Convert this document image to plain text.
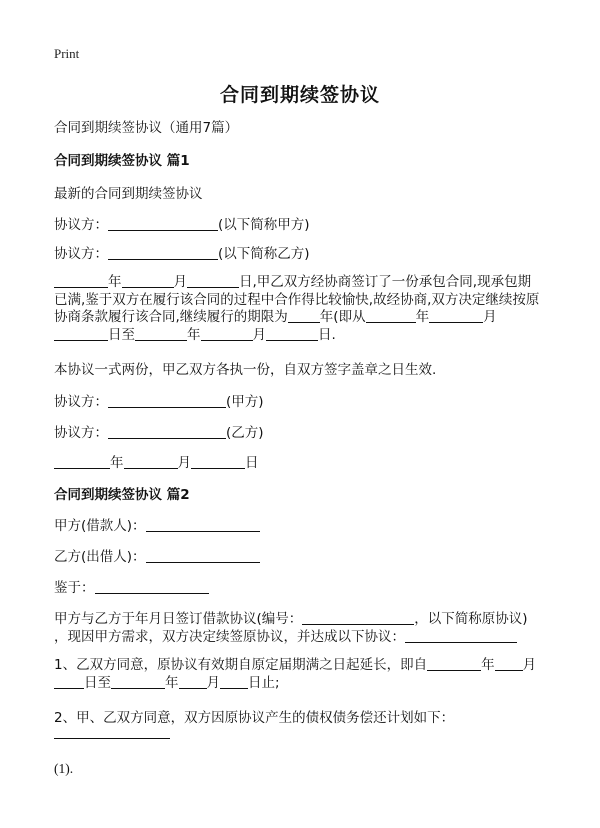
Print
合同到期续签协议
合同到期续签协议（通用7篇）
合同到期续签协议 篇1
最新的合同到期续签协议
协议方：	(以下简称甲方)
协议方：	(以下简称乙方)
年	月	日,甲乙双方经协商签订了一份承包合同,现承包期
已满,鉴于双方在履行该合同的过程中合作得比较愉快,故经协商,双方决定继续按原
协商条款履行该合同,继续履行的期限为 年(即从	年	月
日至	年	月	日.
本协议一式两份，甲乙双方各执一份，自双方签字盖章之日生效.
协议方：	(甲方)
协议方：	(乙方)
年	月	日
合同到期续签协议 篇2
甲方(借款人)：
乙方(出借人)：
鉴于：
甲方与乙方于年月日签订借款协议(编号：	，以下简称原协议)
，现因甲方需求，双方决定续签原协议，并达成以下协议：
1、乙双方同意，原协议有效期自原定届期满之日起延长，即自	年 月
日至	年 月 日止;
2、甲、乙双方同意，双方因原协议产生的债权债务偿还计划如下：
(1).
